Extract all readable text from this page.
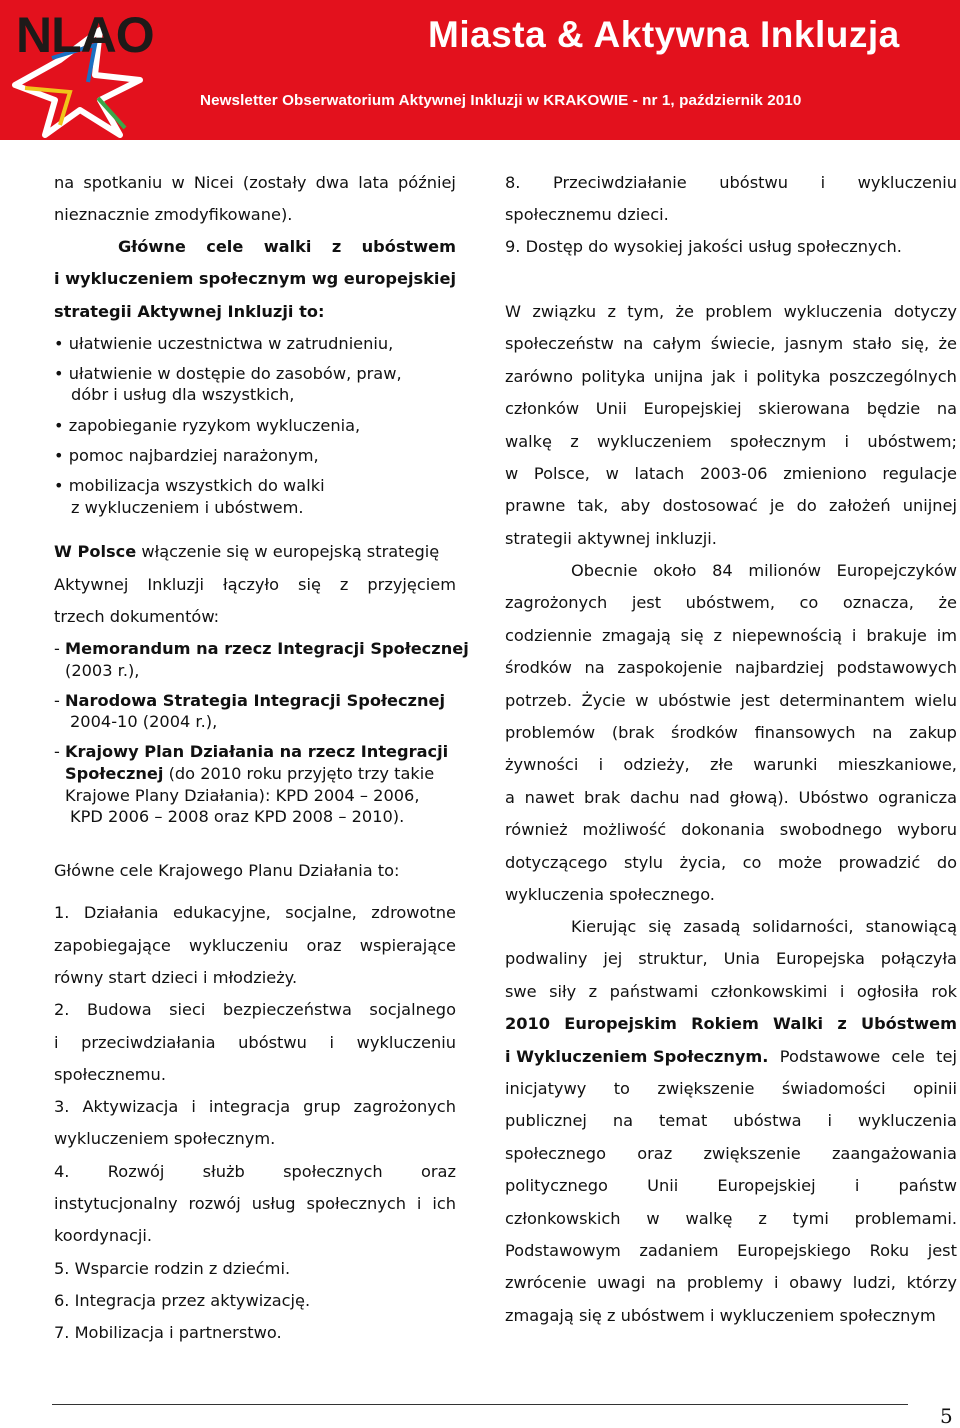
NLAO	Miasta & Aktywna Inkluzja
Newsletter Obserwatorium Aktywnej Inkluzji w KRAKOWIE - nr 1, październik 2010
na spotkaniu w Nicei (zostały dwa lata później
nieznacznie zmodyfikowane).
Główne cele walki z ubóstwem
i wykluczeniem społecznym wg europejskiej
strategii Aktywnej Inkluzji to:
• ułatwienie uczestnictwa w zatrudnieniu,
• ułatwienie w dostępie do zasobów, praw,
dóbr i usług dla wszystkich,
• zapobieganie ryzykom wykluczenia,
• pomoc najbardziej narażonym,
• mobilizacja wszystkich do walki
z wykluczeniem i ubóstwem.
W Polsce włączenie się w europejską strategię
Aktywnej Inkluzji łączyło się z przyjęciem
trzech dokumentów:
- Memorandum na rzecz Integracji Społecznej
(2003 r.),
- Narodowa Strategia Integracji Społecznej
2004-10 (2004 r.),
- Krajowy Plan Działania na rzecz Integracji
Społecznej (do 2010 roku przyjęto trzy takie
Krajowe Plany Działania): KPD 2004 – 2006,
KPD 2006 – 2008 oraz KPD 2008 – 2010).
Główne cele Krajowego Planu Działania to:
1. Działania edukacyjne, socjalne, zdrowotne
zapobiegające wykluczeniu oraz wspierające
równy start dzieci i młodzieży.
2. Budowa sieci bezpieczeństwa socjalnego
i przeciwdziałania ubóstwu i wykluczeniu
społecznemu.
3. Aktywizacja i integracja grup zagrożonych
wykluczeniem społecznym.
4. Rozwój służb społecznych oraz
instytucjonalny rozwój usług społecznych i ich
koordynacji.
5. Wsparcie rodzin z dziećmi.
6. Integracja przez aktywizację.
7. Mobilizacja i partnerstwo.
8. Przeciwdziałanie ubóstwu i wykluczeniu
społecznemu dzieci.
9. Dostęp do wysokiej jakości usług społecznych.
W związku z tym, że problem wykluczenia dotyczy
społeczeństw na całym świecie, jasnym stało się, że
zarówno polityka unijna jak i polityka poszczególnych
członków Unii Europejskiej skierowana będzie na
walkę z wykluczeniem społecznym i ubóstwem;
w Polsce, w latach 2003-06 zmieniono regulacje
prawne tak, aby dostosować je do założeń unijnej
strategii aktywnej inkluzji.
Obecnie około 84 milionów Europejczyków
zagrożonych jest ubóstwem, co oznacza, że
codziennie zmagają się z niepewnością i brakuje im
środków na zaspokojenie najbardziej podstawowych
potrzeb. Życie w ubóstwie jest determinantem wielu
problemów (brak środków finansowych na zakup
żywności i odzieży, złe warunki mieszkaniowe,
a nawet brak dachu nad głową). Ubóstwo ogranicza
również możliwość dokonania swobodnego wyboru
dotyczącego stylu życia, co może prowadzić do
wykluczenia społecznego.
Kierując się zasadą solidarności, stanowiącą
podwaliny jej struktur, Unia Europejska połączyła
swe siły z państwami członkowskimi i ogłosiła rok
2010 Europejskim Rokiem Walki z Ubóstwem
i Wykluczeniem Społecznym. Podstawowe cele tej
inicjatywy to zwiększenie świadomości opinii
publicznej na temat ubóstwa i wykluczenia
społecznego oraz zwiększenie zaangażowania
politycznego Unii Europejskiej i państw
członkowskich w walkę z tymi problemami.
Podstawowym zadaniem Europejskiego Roku jest
zwrócenie uwagi na problemy i obawy ludzi, którzy
zmagają się z ubóstwem i wykluczeniem społecznym
5
